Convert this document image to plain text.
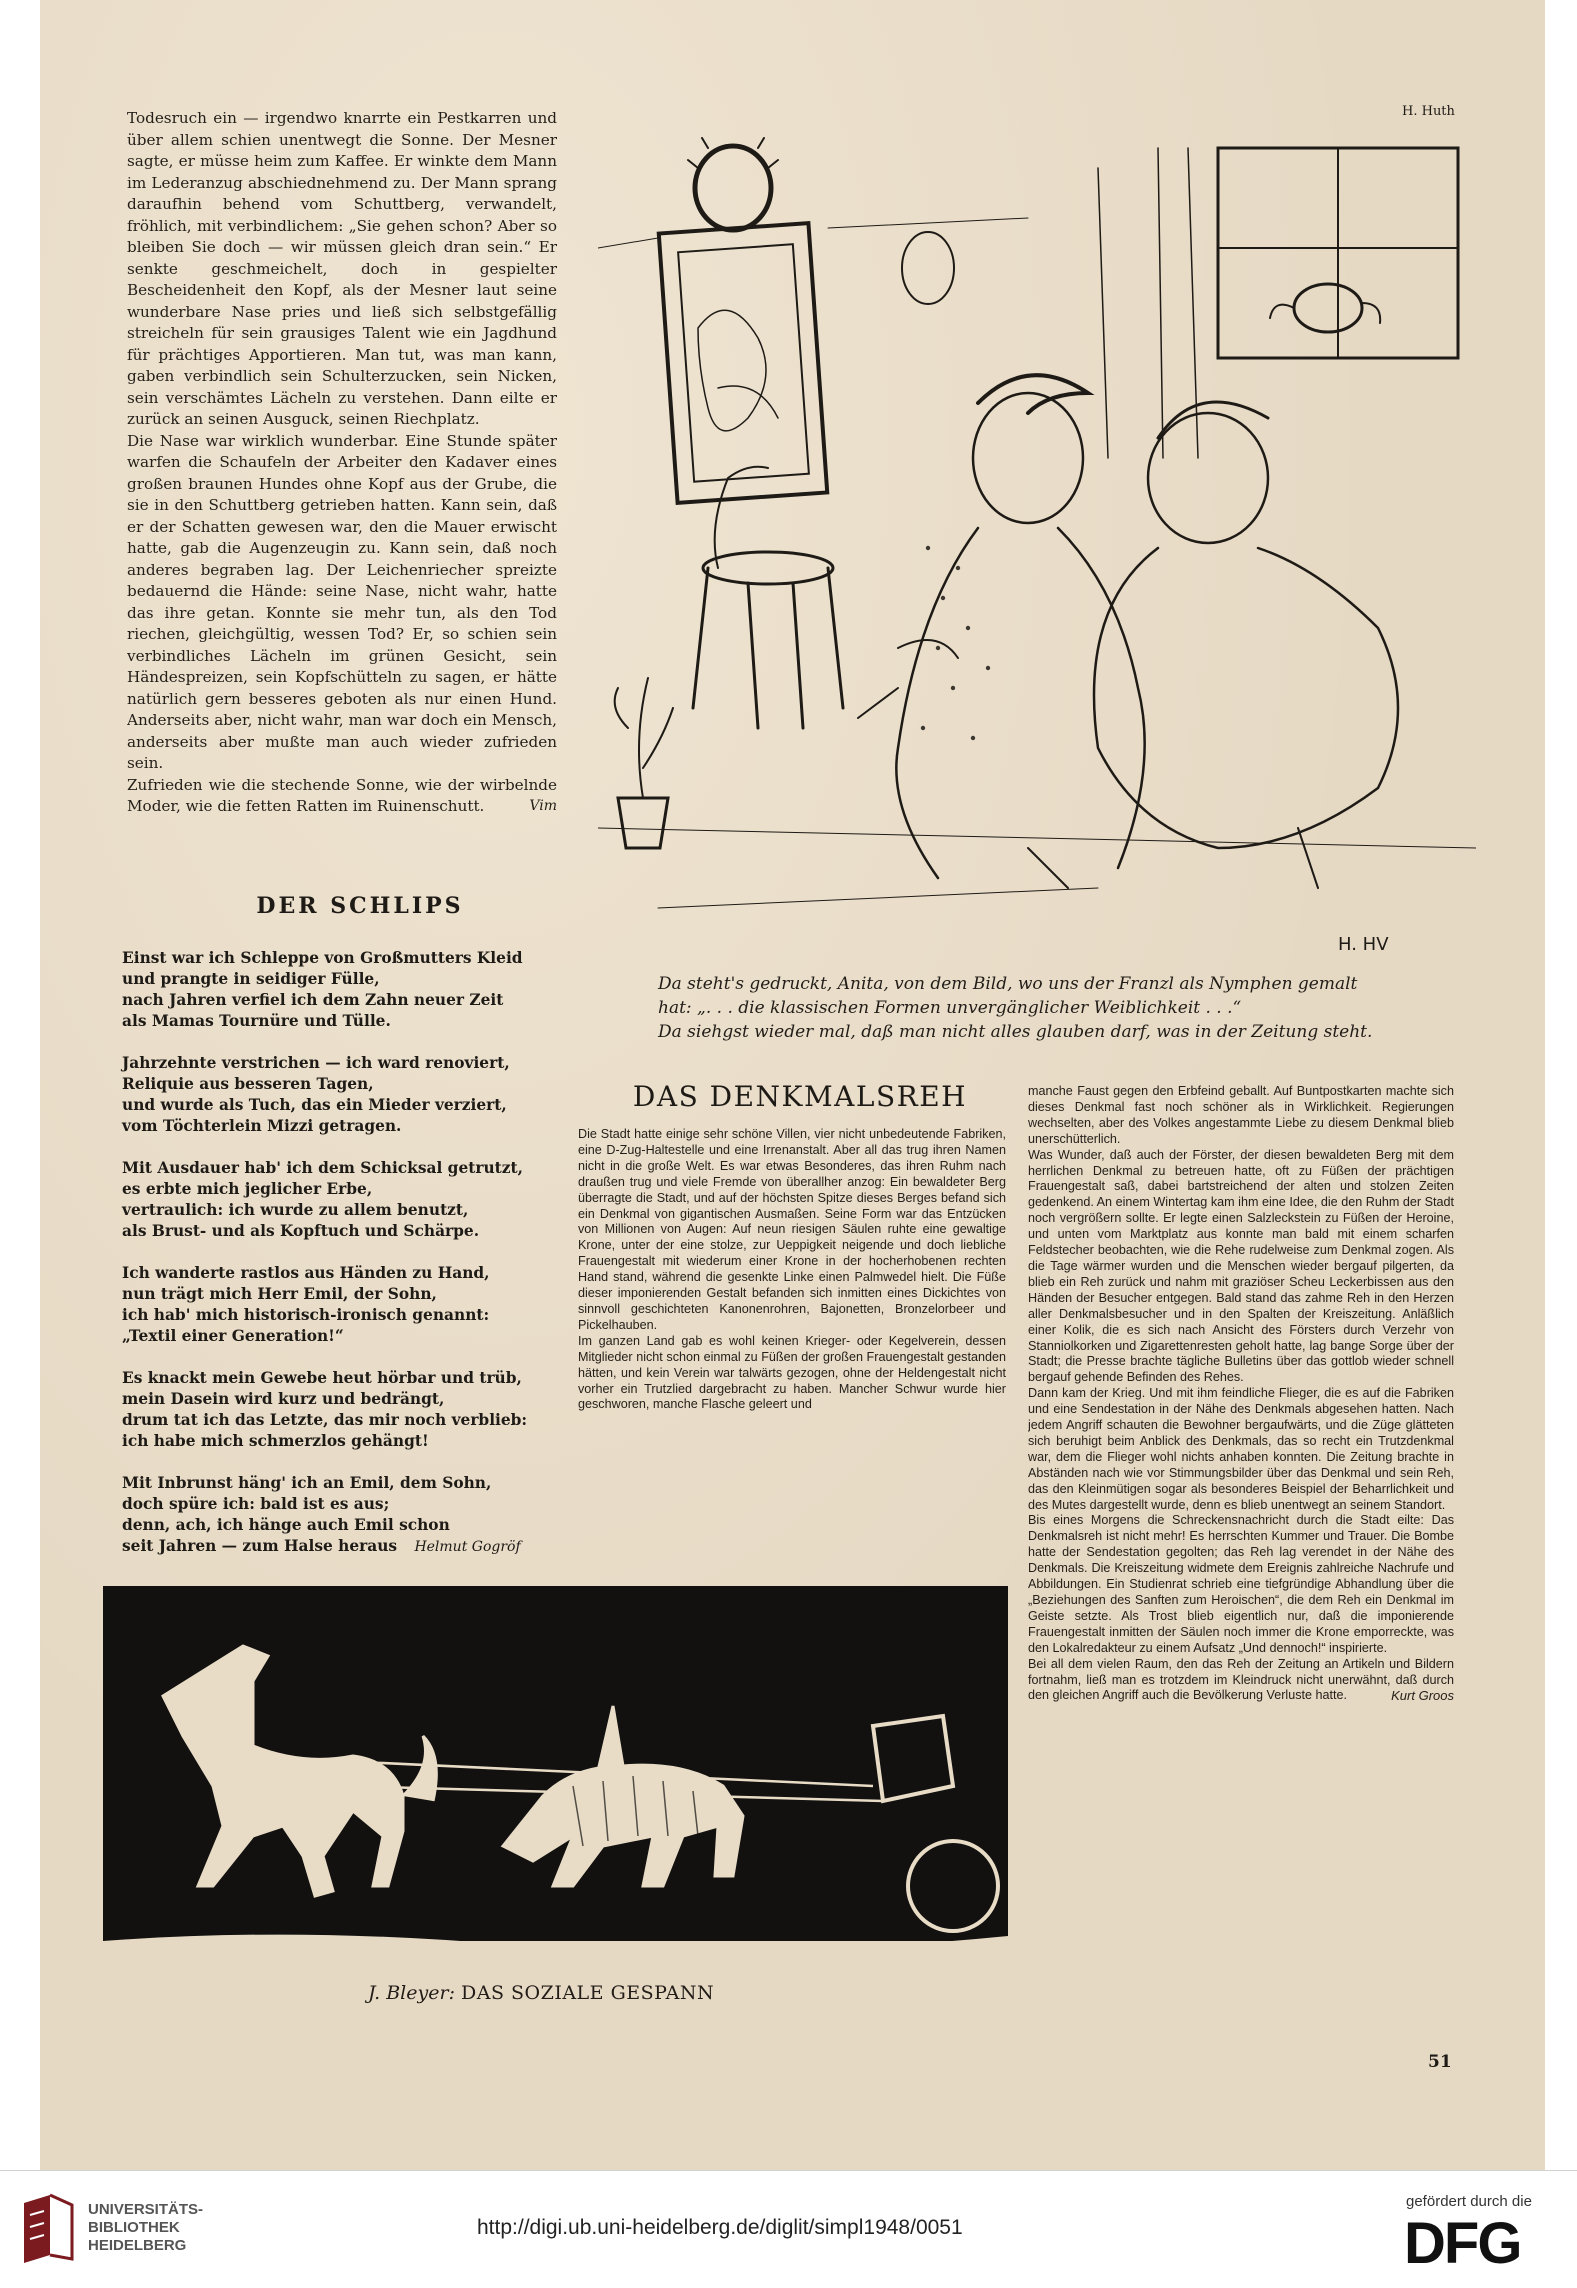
H. Huth

Todesruch ein — irgendwo knarrte ein Pestkarren und über allem schien unentwegt die Sonne. Der Mesner sagte, er müsse heim zum Kaffee. Er winkte dem Mann im Lederanzug abschiednehmend zu. Der Mann sprang daraufhin behend vom Schuttberg, verwandelt, fröhlich, mit verbindlichem: „Sie gehen schon? Aber so bleiben Sie doch — wir müssen gleich dran sein.“ Er senkte geschmeichelt, doch in gespielter Bescheidenheit den Kopf, als der Mesner laut seine wunderbare Nase pries und ließ sich selbstgefällig streicheln für sein grausiges Talent wie ein Jagdhund für prächtiges Apportieren. Man tut, was man kann, gaben verbindlich sein Schulterzucken, sein Nicken, sein verschämtes Lächeln zu verstehen. Dann eilte er zurück an seinen Ausguck, seinen Riechplatz.

Die Nase war wirklich wunderbar. Eine Stunde später warfen die Schaufeln der Arbeiter den Kadaver eines großen braunen Hundes ohne Kopf aus der Grube, die sie in den Schuttberg getrieben hatten. Kann sein, daß er der Schatten gewesen war, den die Mauer erwischt hatte, gab die Augenzeugin zu. Kann sein, daß noch anderes begraben lag. Der Leichenriecher spreizte bedauernd die Hände: seine Nase, nicht wahr, hatte das ihre getan. Konnte sie mehr tun, als den Tod riechen, gleichgültig, wessen Tod? Er, so schien sein verbindliches Lächeln im grünen Gesicht, sein Händespreizen, sein Kopfschütteln zu sagen, er hätte natürlich gern besseres geboten als nur einen Hund. Anderseits aber, nicht wahr, man war doch ein Mensch, anderseits aber mußte man auch wieder zufrieden sein.

Zufrieden wie die stechende Sonne, wie der wirbelnde Moder, wie die fetten Ratten im Ruinenschutt.	Vim

H. HV
Da steht's gedruckt, Anita, von dem Bild, wo uns der Franzl als Nymphen gemalt
hat: „. . . die klassischen Formen unvergänglicher Weiblichkeit . . .“
Da siehgst wieder mal, daß man nicht alles glauben darf, was in der Zeitung steht.
DER SCHLIPS
Einst war ich Schleppe von Großmutters Kleid
und prangte in seidiger Fülle,
nach Jahren verfiel ich dem Zahn neuer Zeit
als Mamas Tournüre und Tülle.
Jahrzehnte verstrichen — ich ward renoviert,
Reliquie aus besseren Tagen,
und wurde als Tuch, das ein Mieder verziert,
vom Töchterlein Mizzi getragen.
Mit Ausdauer hab' ich dem Schicksal getrutzt,
es erbte mich jeglicher Erbe,
vertraulich: ich wurde zu allem benutzt,
als Brust- und als Kopftuch und Schärpe.
Ich wanderte rastlos aus Händen zu Hand,
nun trägt mich Herr Emil, der Sohn,
ich hab' mich historisch-ironisch genannt:
„Textil einer Generation!“
Es knackt mein Gewebe heut hörbar und trüb,
mein Dasein wird kurz und bedrängt,
drum tat ich das Letzte, das mir noch verblieb:
ich habe mich schmerzlos gehängt!
Mit Inbrunst häng' ich an Emil, dem Sohn,
doch spüre ich: bald ist es aus;
denn, ach, ich hänge auch Emil schon
seit Jahren — zum Halse heraus Helmut Gogröf
DAS DENKMALSREH

Die Stadt hatte einige sehr schöne Villen, vier nicht unbedeutende Fabriken, eine D-Zug-Haltestelle und eine Irrenanstalt. Aber all das trug ihren Namen nicht in die große Welt. Es war etwas Besonderes, das ihren Ruhm nach draußen trug und viele Fremde von überallher anzog: Ein bewaldeter Berg überragte die Stadt, und auf der höchsten Spitze dieses Berges befand sich ein Denkmal von gigantischen Ausmaßen. Seine Form war das Entzücken von Millionen von Augen: Auf neun riesigen Säulen ruhte eine gewaltige Krone, unter der eine stolze, zur Ueppigkeit neigende und doch liebliche Frauengestalt mit wiederum einer Krone in der hocherhobenen rechten Hand stand, während die gesenkte Linke einen Palmwedel hielt. Die Füße dieser imponierenden Gestalt befanden sich inmitten eines Dickichtes von sinnvoll geschichteten Kanonenrohren, Bajonetten, Bronzelorbeer und Pickelhauben.

Im ganzen Land gab es wohl keinen Krieger- oder Kegelverein, dessen Mitglieder nicht schon einmal zu Füßen der großen Frauengestalt gestanden hätten, und kein Verein war talwärts gezogen, ohne der Heldengestalt nicht vorher ein Trutzlied dargebracht zu haben. Mancher Schwur wurde hier geschworen, manche Flasche geleert und

manche Faust gegen den Erbfeind geballt. Auf Buntpostkarten machte sich dieses Denkmal fast noch schöner als in Wirklichkeit. Regierungen wechselten, aber des Volkes angestammte Liebe zu diesem Denkmal blieb unerschütterlich.

Was Wunder, daß auch der Förster, der diesen bewaldeten Berg mit dem herrlichen Denkmal zu betreuen hatte, oft zu Füßen der prächtigen Frauengestalt saß, dabei bartstreichend der alten und stolzen Zeiten gedenkend. An einem Wintertag kam ihm eine Idee, die den Ruhm der Stadt noch vergrößern sollte. Er legte einen Salzleckstein zu Füßen der Heroine, und unten vom Marktplatz aus konnte man bald mit einem scharfen Feldstecher beobachten, wie die Rehe rudelweise zum Denkmal zogen. Als die Tage wärmer wurden und die Menschen wieder bergauf pilgerten, da blieb ein Reh zurück und nahm mit graziöser Scheu Leckerbissen aus den Händen der Besucher entgegen. Bald stand das zahme Reh in den Herzen aller Denkmalsbesucher und in den Spalten der Kreiszeitung. Anläßlich einer Kolik, die es sich nach Ansicht des Försters durch Verzehr von Stanniolkorken und Zigarettenresten geholt hatte, lag bange Sorge über der Stadt; die Presse brachte tägliche Bulletins über das gottlob wieder schnell bergauf gehende Befinden des Rehes.

Dann kam der Krieg. Und mit ihm feindliche Flieger, die es auf die Fabriken und eine Sendestation in der Nähe des Denkmals abgesehen hatten. Nach jedem Angriff schauten die Bewohner bergaufwärts, und die Züge glätteten sich beruhigt beim Anblick des Denkmals, das so recht ein Trutzdenkmal war, dem die Flieger wohl nichts anhaben konnten. Die Zeitung brachte in Abständen nach wie vor Stimmungsbilder über das Denkmal und sein Reh, das den Kleinmütigen sogar als besonderes Beispiel der Beharrlichkeit und des Mutes dargestellt wurde, denn es blieb unentwegt an seinem Standort.

Bis eines Morgens die Schreckensnachricht durch die Stadt eilte: Das Denkmalsreh ist nicht mehr! Es herrschten Kummer und Trauer. Die Bombe hatte der Sendestation gegolten; das Reh lag verendet in der Nähe des Denkmals. Die Kreiszeitung widmete dem Ereignis zahlreiche Nachrufe und Abbildungen. Ein Studienrat schrieb eine tiefgründige Abhandlung über die „Beziehungen des Sanften zum Heroischen“, die dem Reh ein Denkmal im Geiste setzte. Als Trost blieb eigentlich nur, daß die imponierende Frauengestalt inmitten der Säulen noch immer die Krone emporreckte, was den Lokalredakteur zu einem Aufsatz „Und dennoch!“ inspirierte.

Bei all dem vielen Raum, den das Reh der Zeitung an Artikeln und Bildern fortnahm, ließ man es trotzdem im Kleindruck nicht unerwähnt, daß durch den gleichen Angriff auch die Bevölkerung Verluste hatte.	Kurt Groos

J. Bleyer: DAS SOZIALE GESPANN
51
UNIVERSITÄTS-
BIBLIOTHEK
HEIDELBERG
http://digi.ub.uni-heidelberg.de/diglit/simpl1948/0051
gefördert durch die
DFG
